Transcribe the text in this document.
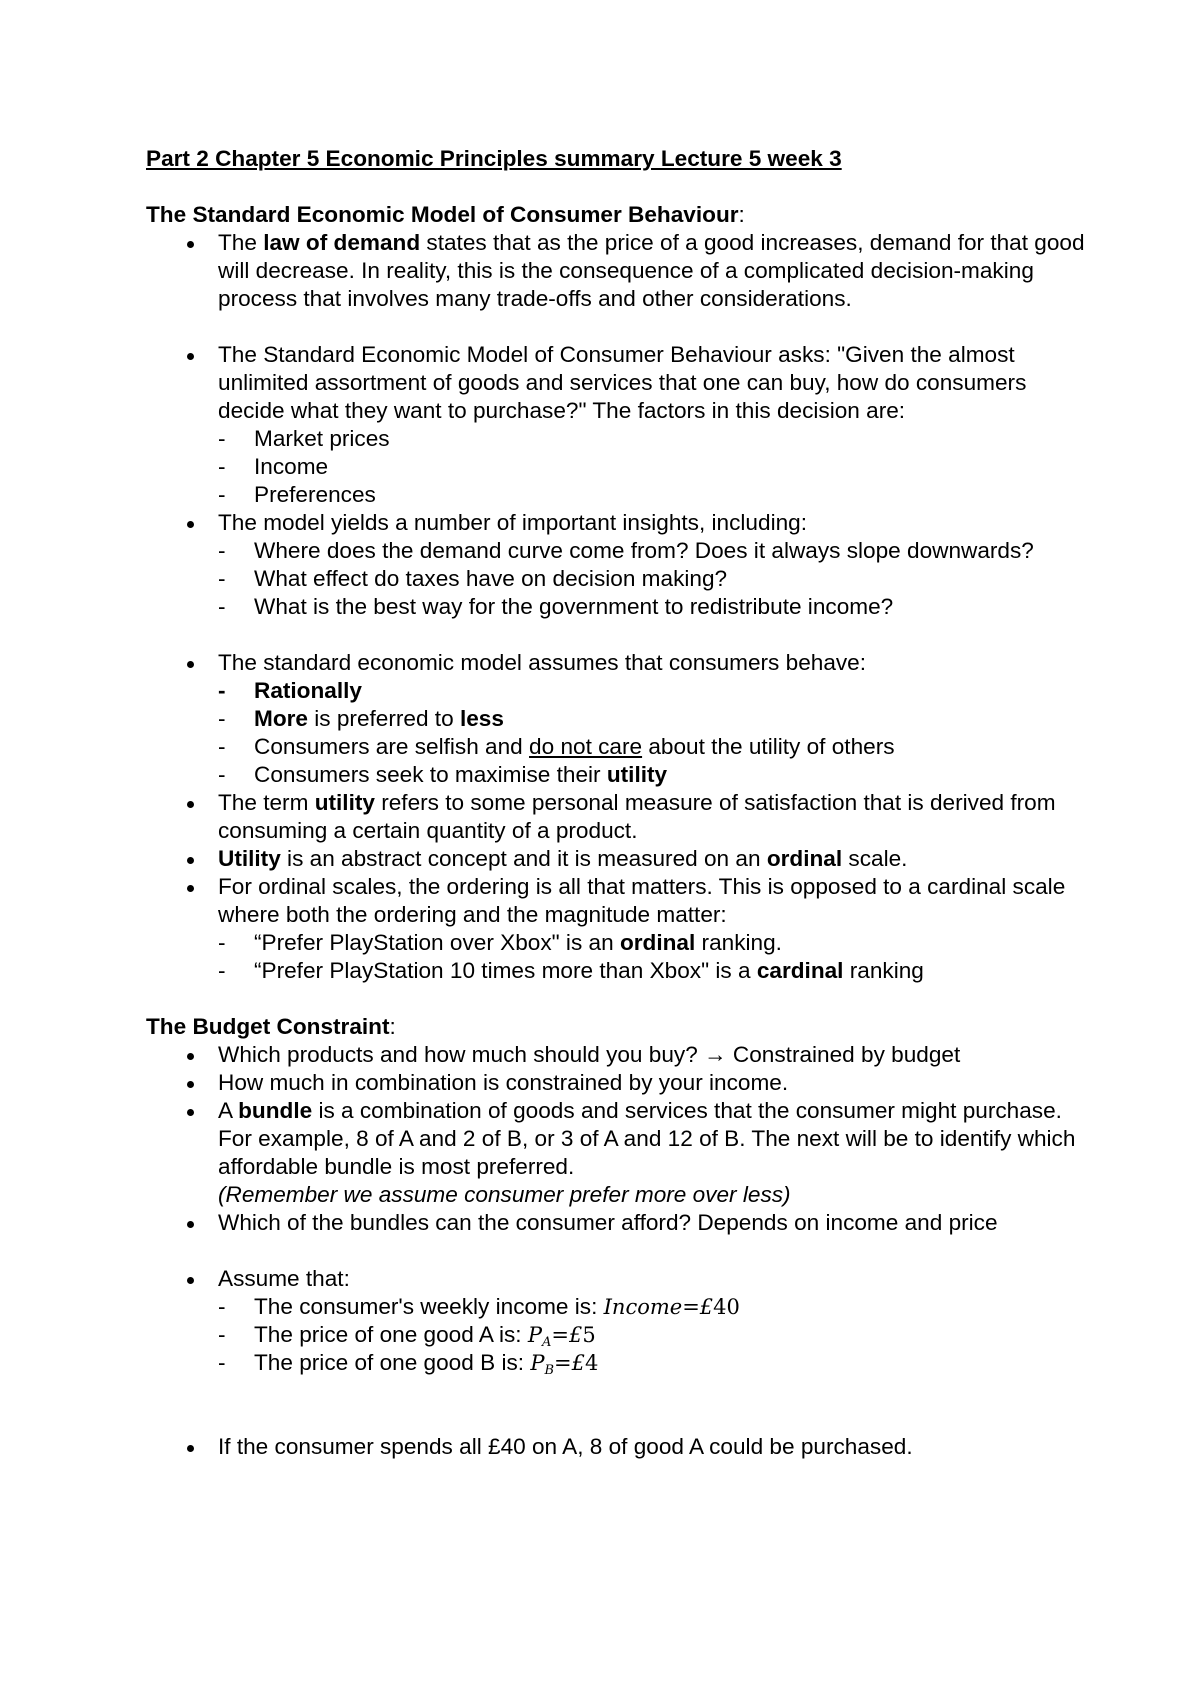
Part 2 Chapter 5 Economic Principles summary Lecture 5 week 3

The Standard Economic Model of Consumer Behaviour:

The law of demand states that as the price of a good increases, demand for that good will decrease. In reality, this is the consequence of a complicated decision-making process that involves many trade-offs and other considerations.
The Standard Economic Model of Consumer Behaviour asks: "Given the almost unlimited assortment of goods and services that one can buy, how do consumers decide what they want to purchase?" The factors in this decision are:
- Market prices
- Income
- Preferences
The model yields a number of important insights, including:
- Where does the demand curve come from? Does it always slope downwards?
- What effect do taxes have on decision making?
- What is the best way for the government to redistribute income?
The standard economic model assumes that consumers behave:
- Rationally
- More is preferred to less
- Consumers are selfish and do not care about the utility of others
- Consumers seek to maximise their utility
The term utility refers to some personal measure of satisfaction that is derived from consuming a certain quantity of a product.
Utility is an abstract concept and it is measured on an ordinal scale.
For ordinal scales, the ordering is all that matters. This is opposed to a cardinal scale where both the ordering and the magnitude matter:
- “Prefer PlayStation over Xbox" is an ordinal ranking.
- “Prefer PlayStation 10 times more than Xbox" is a cardinal ranking

The Budget Constraint:

Which products and how much should you buy? → Constrained by budget
How much in combination is constrained by your income.
A bundle is a combination of goods and services that the consumer might purchase. For example, 8 of A and 2 of B, or 3 of A and 12 of B. The next will be to identify which affordable bundle is most preferred.
(Remember we assume consumer prefer more over less)
Which of the bundles can the consumer afford? Depends on income and price
Assume that:
- The consumer's weekly income is: Income=£40
- The price of one good A is: $P_A=£5$
- The price of one good B is: $P_B=£4$
If the consumer spends all £40 on A, 8 of good A could be purchased.
